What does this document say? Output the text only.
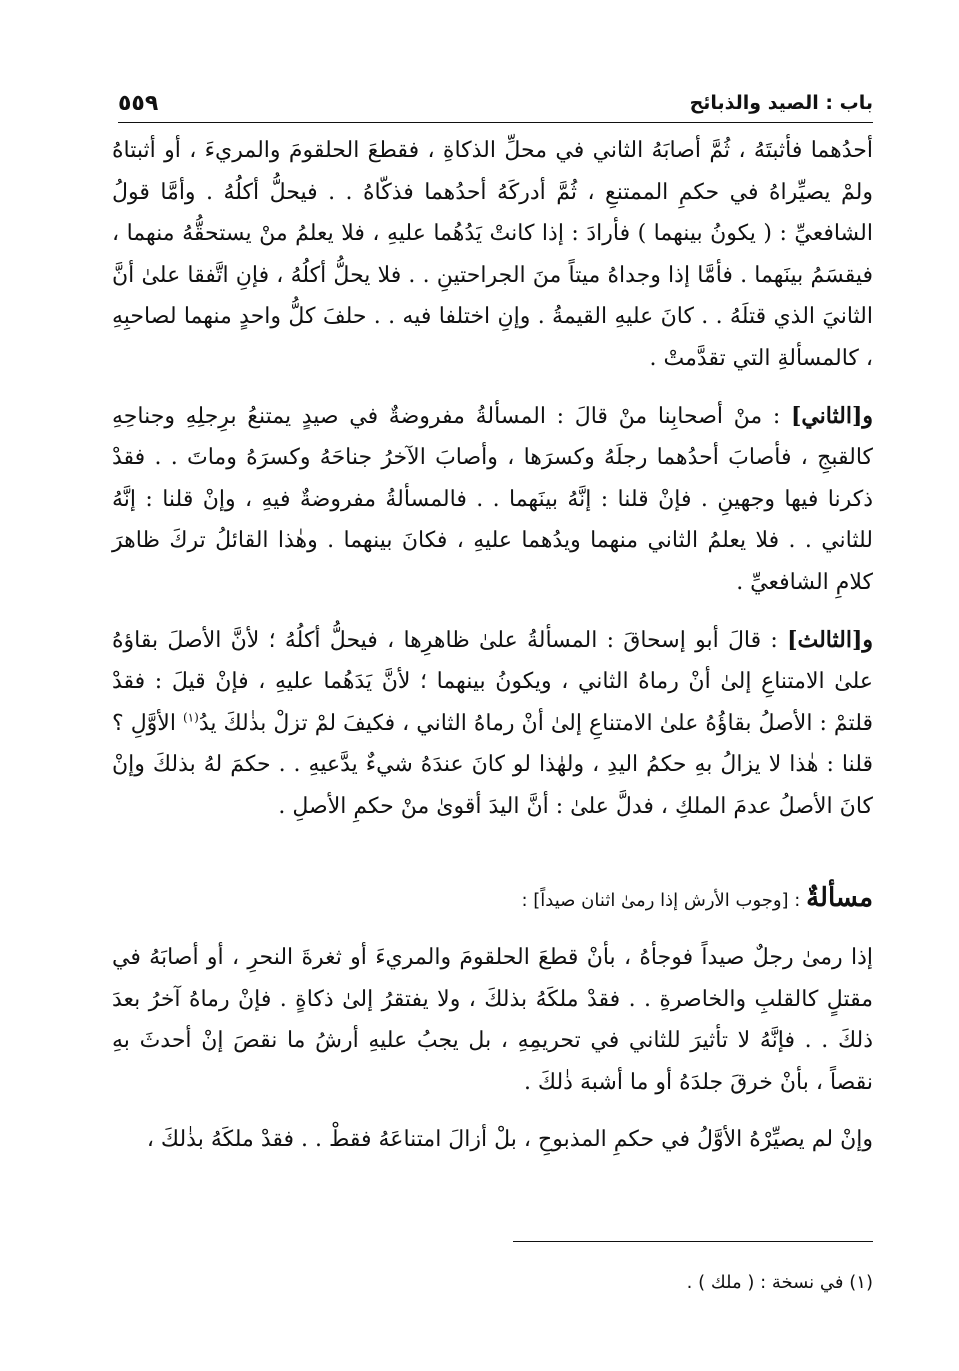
باب : الصيد والذبائح
٥٥٩

أحدُهما فأثبتَهُ ، ثُمَّ أصابَهُ الثاني في محلِّ الذكاةِ ، فقطعَ الحلقومَ والمريءَ ، أو أثبتاهُ ولمْ يصيِّراهُ في حكمِ الممتنعِ ، ثُمَّ أدركَهُ أحدُهما فذكّاهُ . . فيحلُّ أكلُهُ . وأمَّا قولُ الشافعيِّ : ( يكونُ بينهما ) فأرادَ : إذا كانتْ يَدُهُما عليهِ ، فلا يعلمُ منْ يستحقُّهُ منهما ، فيقسَمُ بينَهما . فأمَّا إذا وجداهُ ميتاً منَ الجراحتينِ . . فلا يحلُّ أكلُهُ ، فإنِ اتَّفقا علىٰ أنَّ الثانيَ الذي قتلَهُ . . كانَ عليهِ القيمةُ . وإنِ اختلفا فيه . . حلفَ كلُّ واحدٍ منهما لصاحبِهِ ، كالمسألةِ التي تقدَّمتْ .

و[الثاني] : منْ أصحابِنا منْ قالَ : المسألةُ مفروضةٌ في صيدٍ يمتنعُ برِجلِهِ وجناحِهِ كالقبجِ ، فأصابَ أحدُهما رجلَهُ وكسرَها ، وأصابَ الآخرُ جناحَهُ وكسرَهُ وماتَ . . فقدْ ذكرنا فيها وجهينِ . فإنْ قلنا : إنَّهُ بينَهما . . فالمسألةُ مفروضةٌ فيهِ ، وإنْ قلنا : إنَّهُ للثاني . . فلا يعلمُ الثاني منهما ويدُهما عليهِ ، فكانَ بينهما . وهٰذا القائلُ تركَ ظاهرَ كلامِ الشافعيِّ .

و[الثالث] : قالَ أبو إسحاقَ : المسألةُ علىٰ ظاهرِها ، فيحلُّ أكلُهُ ؛ لأنَّ الأصلَ بقاؤهُ علىٰ الامتناعِ إلىٰ أنْ رماهُ الثاني ، ويكونُ بينهما ؛ لأنَّ يَدَهُما عليهِ ، فإنْ قيلَ : فقدْ قلتمْ : الأصلُ بقاؤُهُ علىٰ الامتناعِ إلىٰ أنْ رماهُ الثاني ، فكيفَ لمْ تزلْ بذٰلكَ يدُ$^{(١)}$ الأوَّلِ ؟ قلنا : هٰذا لا يزالُ بهِ حكمُ اليدِ ، ولهٰذا لو كانَ عندَهُ شيءٌ يدَّعيهِ . . حكمَ لهُ بذلكَ وإنْ كانَ الأصلُ عدمَ الملكِ ، فدلَّ علىٰ : أنَّ اليدَ أقوىٰ منْ حكمِ الأصلِ .

مسألةٌ : [وجوب الأرش إذا رمىٰ اثنان صيداً] :

إذا رمىٰ رجلٌ صيداً فوجأهُ ، بأنْ قطعَ الحلقومَ والمريءَ أو ثغرةَ النحرِ ، أو أصابَهُ في مقتلٍ كالقلبِ والخاصرةِ . . فقدْ ملكَهُ بذلكَ ، ولا يفتقرُ إلىٰ ذكاةٍ . فإنْ رماهُ آخرُ بعدَ ذلكَ . . فإنَّهُ لا تأثيرَ للثاني في تحريمِهِ ، بل يجبُ عليهِ أرشُ ما نقصَ إنْ أحدثَ بهِ نقصاً ، بأنْ خرقَ جلدَهُ أو ما أشبهَ ذٰلكَ .

وإنْ لم يصيِّرْهُ الأوَّلُ في حكمِ المذبوحِ ، بلْ أزالَ امتناعَهُ فقطْ . . فقدْ ملكَهُ بذٰلكَ ،

(١) في نسخة : ( ملك ) .
